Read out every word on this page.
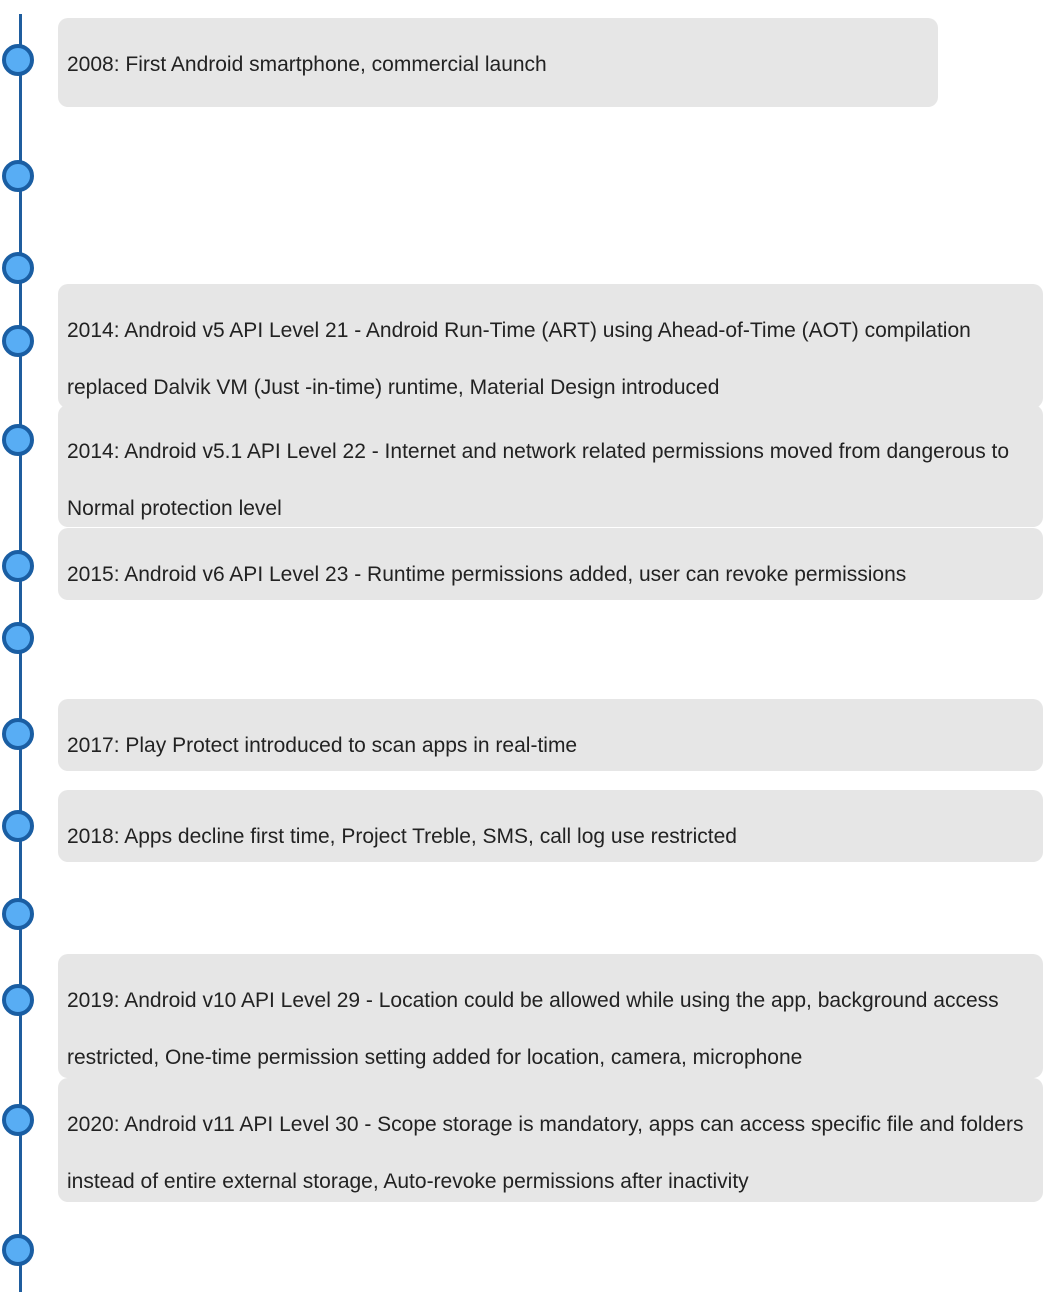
2008: First Android smartphone, commercial launch

2014: Android v5 API Level 21 - Android Run-Time (ART) using Ahead-of-Time (AOT) compilation replaced Dalvik VM (Just -in-time) runtime, Material Design introduced

2014: Android v5.1 API Level 22 - Internet and network related permissions moved from dangerous to Normal protection level

2015: Android v6 API Level 23 - Runtime permissions added, user can revoke permissions

2017: Play Protect introduced to scan apps in real-time

2018: Apps decline first time, Project Treble, SMS, call log use restricted

2019: Android v10 API Level 29 - Location could be allowed while using the app, background access restricted, One-time permission setting added for location, camera, microphone

2020: Android v11 API Level 30 - Scope storage is mandatory, apps can access specific file and folders instead of entire external storage, Auto-revoke permissions after inactivity
